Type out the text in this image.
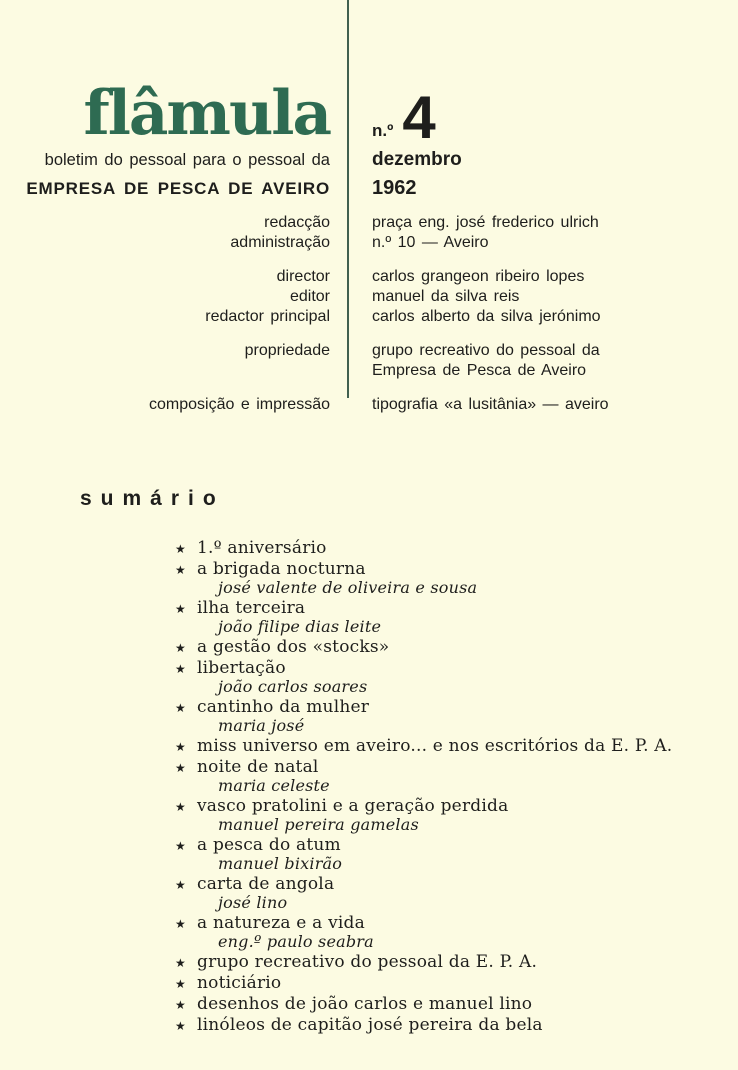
flâmula n.º 4
boletim do pessoal para o pessoal da dezembro
EMPRESA DE PESCA DE AVEIRO 1962
redacção
administração
praça eng. josé frederico ulrich
n.º 10 — Aveiro
director
editor
redactor principal
carlos grangeon ribeiro lopes
manuel da silva reis
carlos alberto da silva jerónimo
propriedade	grupo recreativo do pessoal da
Empresa de Pesca de Aveiro
composição e impressão	tipografia «a lusitânia» — aveiro
sumário
★ 1.º aniversário
★ a brigada nocturna
josé valente de oliveira e sousa
★ ilha terceira
joão filipe dias leite
★ a gestão dos «stocks»
★ libertação
joão carlos soares
★ cantinho da mulher
maria josé
★ miss universo em aveiro... e nos escritórios da E. P. A.
★ noite de natal
maria celeste
★ vasco pratolini e a geração perdida
manuel pereira gamelas
★ a pesca do atum
manuel bixirão
★ carta de angola
josé lino
★ a natureza e a vida
eng.º paulo seabra
★ grupo recreativo do pessoal da E. P. A.
★ noticiário
★ desenhos de joão carlos e manuel lino
★ linóleos de capitão josé pereira da bela
